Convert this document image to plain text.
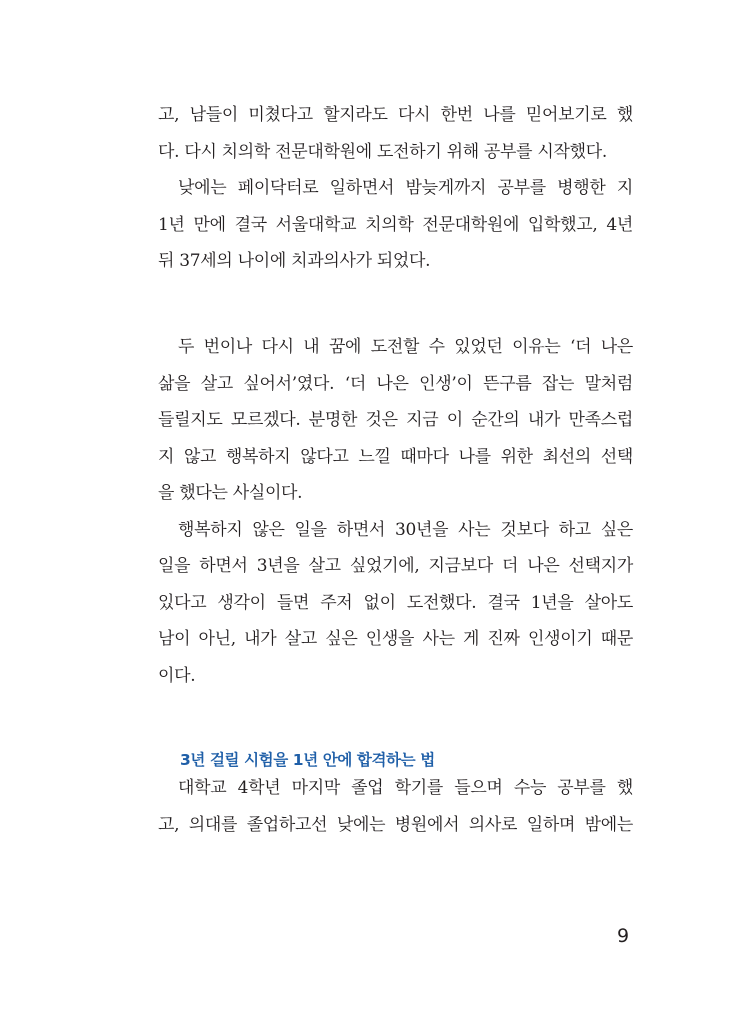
고, 남들이 미쳤다고 할지라도 다시 한번 나를 믿어보기로 했
다. 다시 치의학 전문대학원에 도전하기 위해 공부를 시작했다.
낮에는 페이닥터로 일하면서 밤늦게까지 공부를 병행한 지
1년 만에 결국 서울대학교 치의학 전문대학원에 입학했고, 4년
뒤 37세의 나이에 치과의사가 되었다.
두 번이나 다시 내 꿈에 도전할 수 있었던 이유는 ‘더 나은
삶을 살고 싶어서’였다. ‘더 나은 인생’이 뜬구름 잡는 말처럼
들릴지도 모르겠다. 분명한 것은 지금 이 순간의 내가 만족스럽
지 않고 행복하지 않다고 느낄 때마다 나를 위한 최선의 선택
을 했다는 사실이다.
행복하지 않은 일을 하면서 30년을 사는 것보다 하고 싶은
일을 하면서 3년을 살고 싶었기에, 지금보다 더 나은 선택지가
있다고 생각이 들면 주저 없이 도전했다. 결국 1년을 살아도
남이 아닌, 내가 살고 싶은 인생을 사는 게 진짜 인생이기 때문
이다.
3년 걸릴 시험을 1년 안에 합격하는 법
대학교 4학년 마지막 졸업 학기를 들으며 수능 공부를 했
고, 의대를 졸업하고선 낮에는 병원에서 의사로 일하며 밤에는
9
